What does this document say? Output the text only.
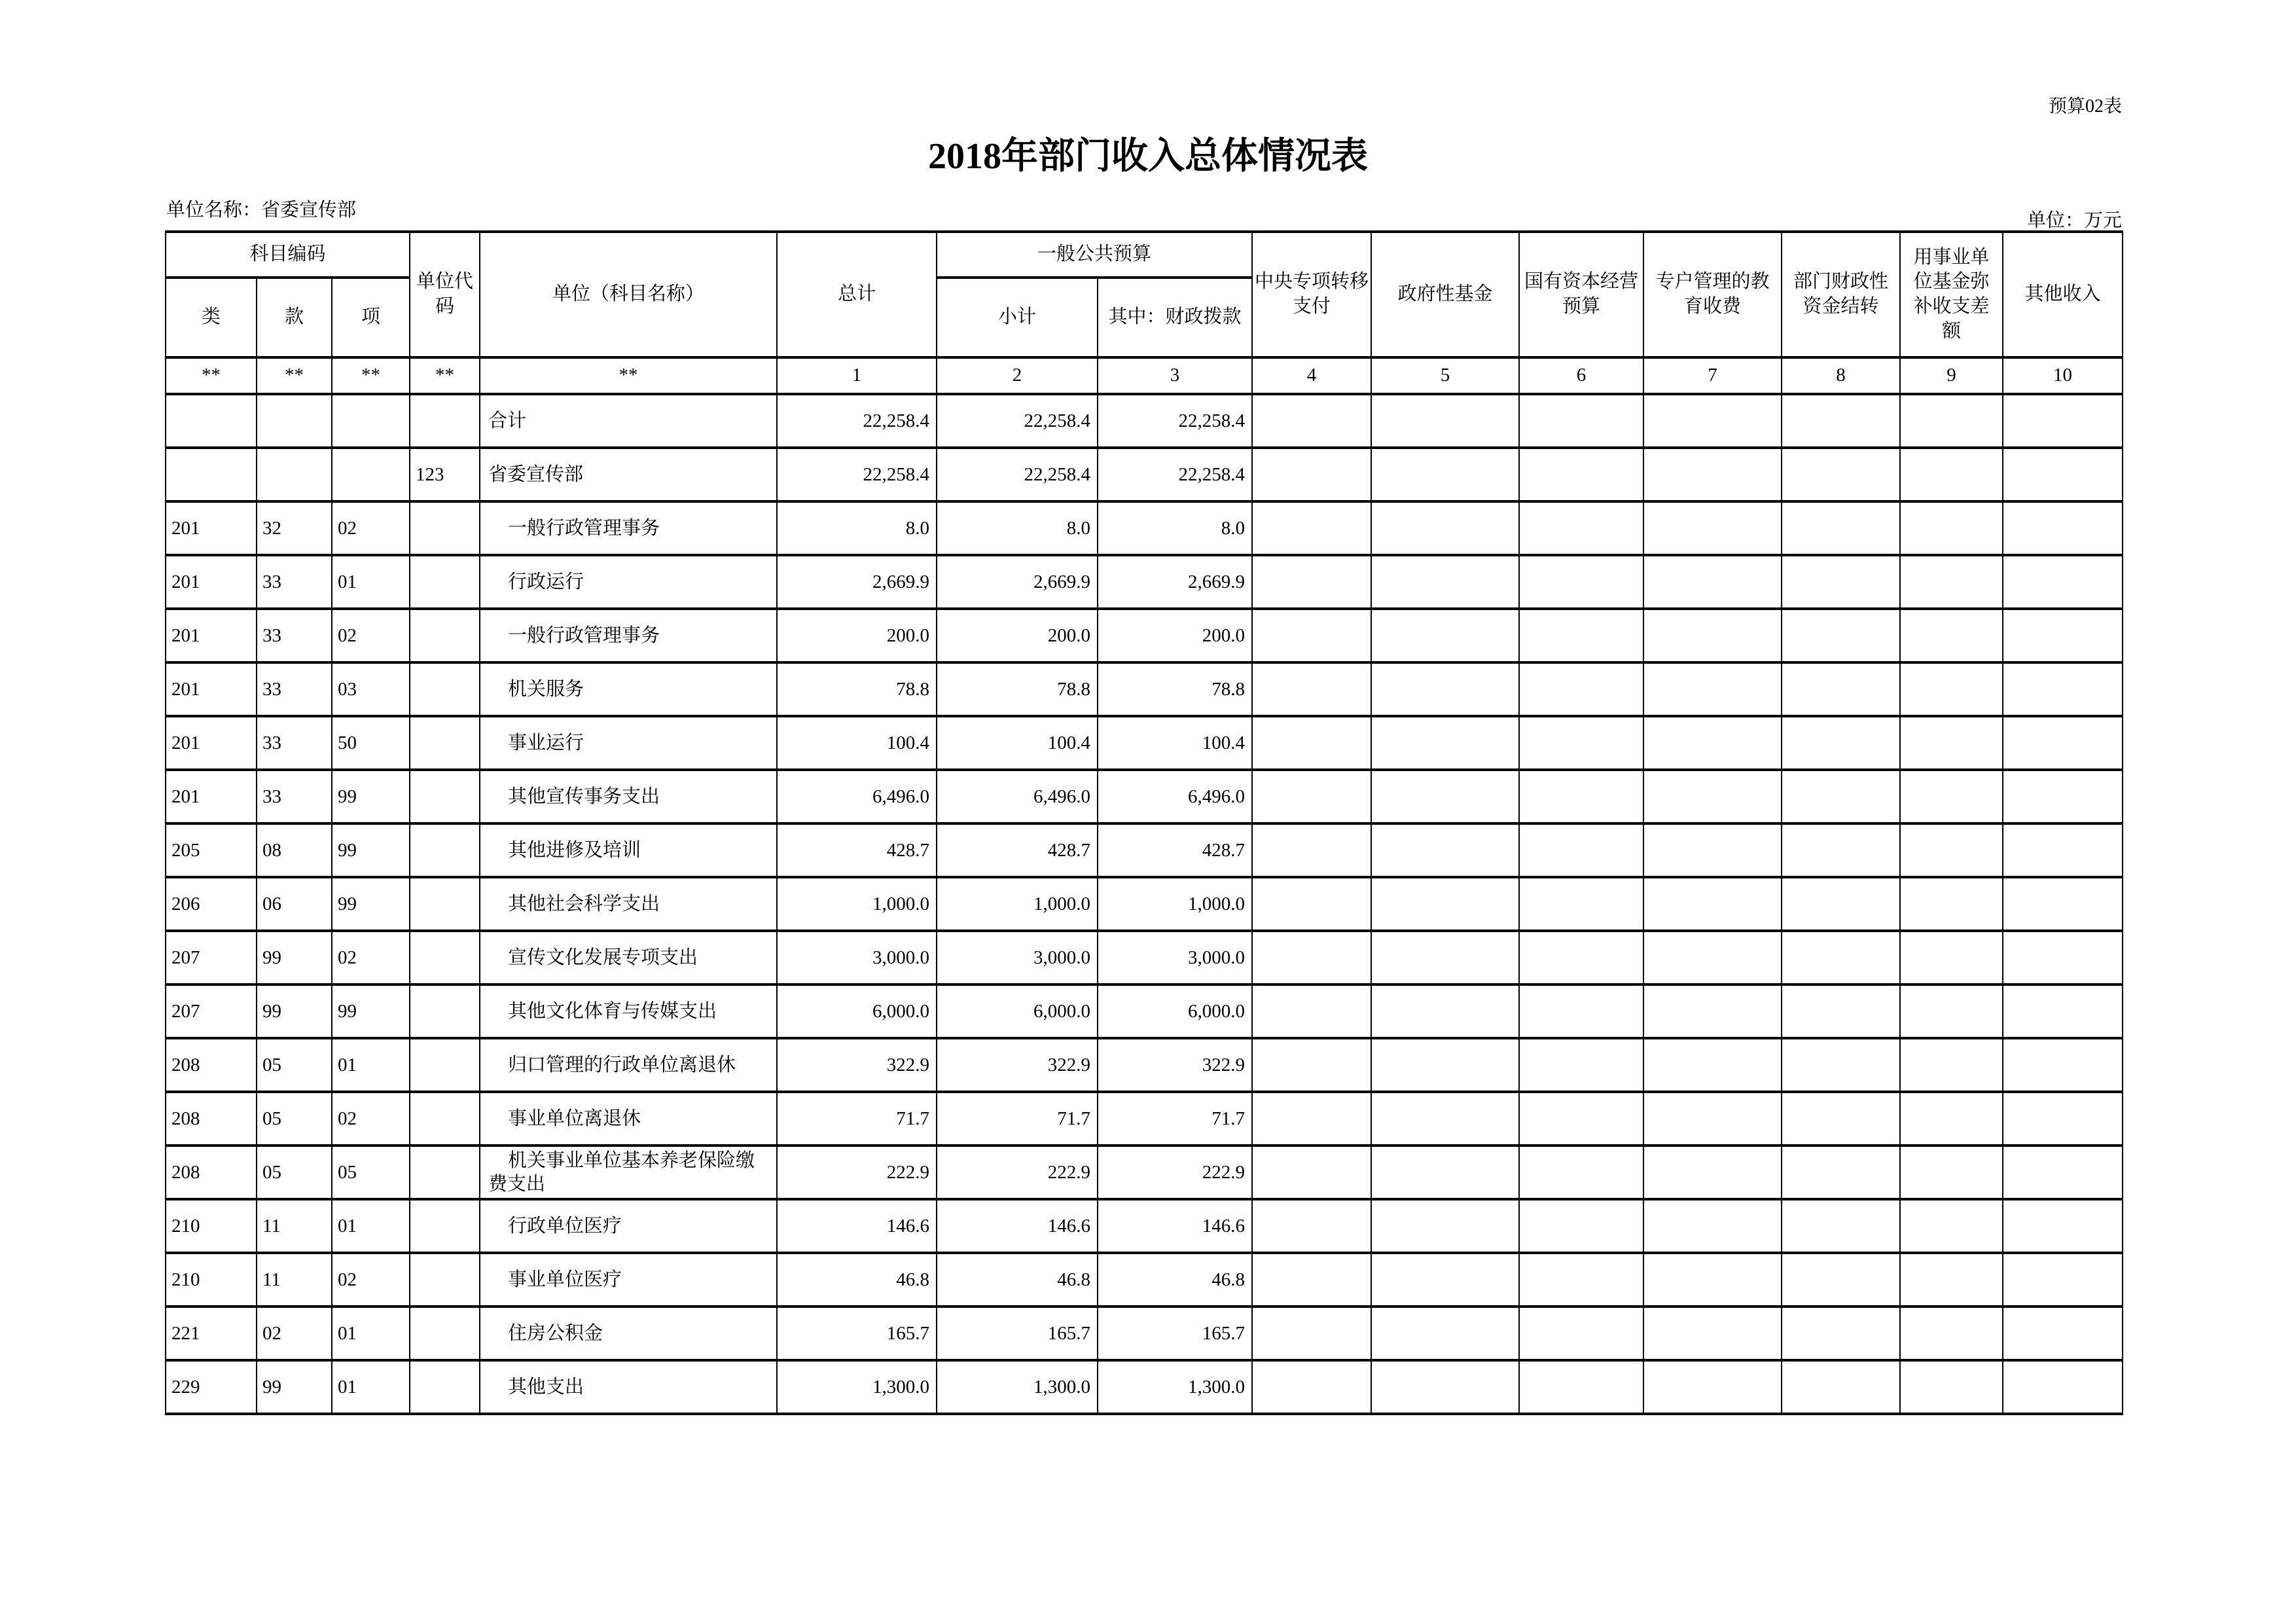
预算02表
2018年部门收入总体情况表
单位名称：省委宣传部	单位：万元
科目编码			单位代码	单位（科目名称）	总计	一般公共预算		中央专项转移支付	政府性基金	国有资本经营预算	专户管理的教育收费	部门财政性资金结转	用事业单位基金弥补收支差额	其他收入
类	款	项				小计	其中：财政拨款							
**	**	**	**	**	1	2	3	4	5	6	7	8	9	10
				合计	22,258.4	22,258.4	22,258.4							
			123	省委宣传部	22,258.4	22,258.4	22,258.4							
201	32	02		一般行政管理事务	8.0	8.0	8.0							
201	33	01		行政运行	2,669.9	2,669.9	2,669.9							
201	33	02		一般行政管理事务	200.0	200.0	200.0							
201	33	03		机关服务	78.8	78.8	78.8							
201	33	50		事业运行	100.4	100.4	100.4							
201	33	99		其他宣传事务支出	6,496.0	6,496.0	6,496.0							
205	08	99		其他进修及培训	428.7	428.7	428.7							
206	06	99		其他社会科学支出	1,000.0	1,000.0	1,000.0							
207	99	02		宣传文化发展专项支出	3,000.0	3,000.0	3,000.0							
207	99	99		其他文化体育与传媒支出	6,000.0	6,000.0	6,000.0							
208	05	01		归口管理的行政单位离退休	322.9	322.9	322.9							
208	05	02		事业单位离退休	71.7	71.7	71.7							
208	05	05		机关事业单位基本养老保险缴费支出	222.9	222.9	222.9							
210	11	01		行政单位医疗	146.6	146.6	146.6							
210	11	02		事业单位医疗	46.8	46.8	46.8							
221	02	01		住房公积金	165.7	165.7	165.7							
229	99	01		其他支出	1,300.0	1,300.0	1,300.0							
